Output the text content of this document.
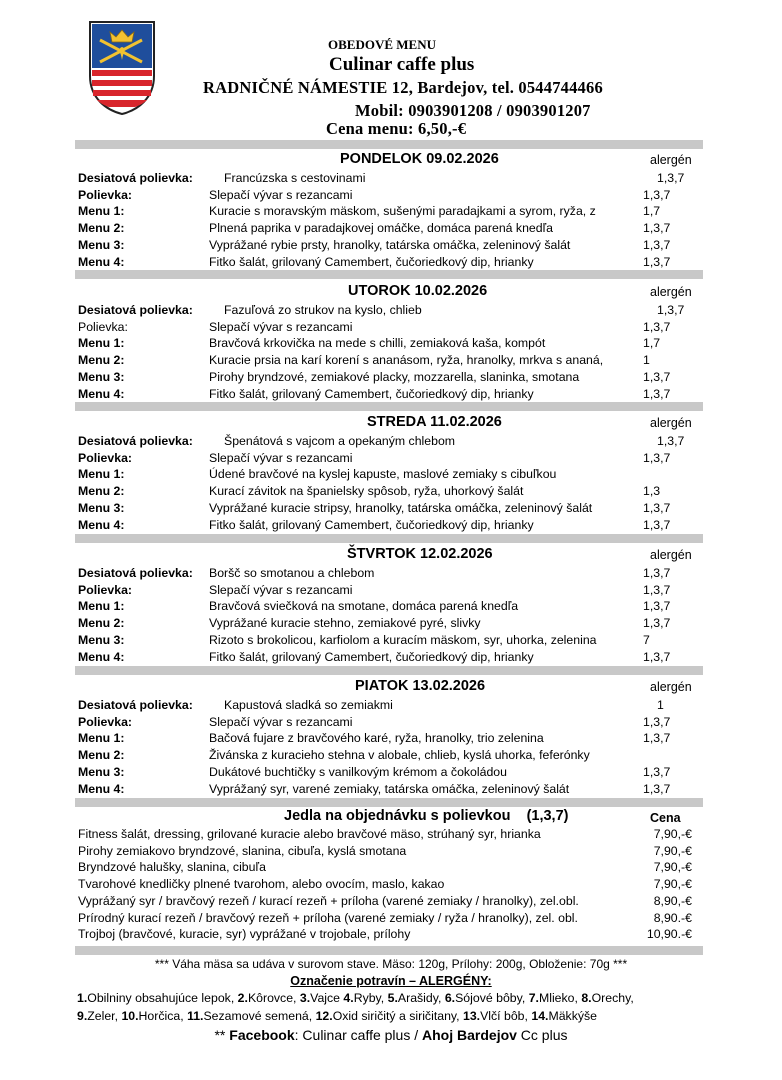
OBEDOVÉ MENU
Culinar caffe plus
RADNIČNÉ NÁMESTIE 12, Bardejov, tel. 0544744466
Mobil: 0903901208 / 0903901207
Cena menu: 6,50,-€
PONDELOK 09.02.2026	alergén
Desiatová polievka:	Francúzska s cestovinami	1,3,7
Polievka:	Slepačí vývar s rezancami	1,3,7
Menu 1:	Kuracie s moravským mäskom, sušenými paradajkami a syrom, ryža, z	1,7
Menu 2:	Plnená paprika v paradajkovej omáčke, domáca parená knedľa	1,3,7
Menu 3:	Vyprážané rybie prsty, hranolky, tatárska omáčka, zeleninový šalát	1,3,7
Menu 4:	Fitko šalát, grilovaný Camembert, čučoriedkový dip, hrianky	1,3,7
UTOROK 10.02.2026	alergén
Desiatová polievka:	Fazuľová zo strukov na kyslo, chlieb	1,3,7
Polievka:	Slepačí vývar s rezancami	1,3,7
Menu 1:	Bravčová krkovička na mede s chilli, zemiaková kaša, kompót	1,7
Menu 2:	Kuracie prsia na karí korení s ananásom, ryža, hranolky, mrkva s ananá,	1
Menu 3:	Pirohy bryndzové, zemiakové placky, mozzarella, slaninka, smotana	1,3,7
Menu 4:	Fitko šalát, grilovaný Camembert, čučoriedkový dip, hrianky	1,3,7
STREDA 11.02.2026	alergén
Desiatová polievka:	Špenátová s vajcom a opekaným chlebom	1,3,7
Polievka:	Slepačí vývar s rezancami	1,3,7
Menu 1:	Údené bravčové na kyslej kapuste, maslové zemiaky s cibuľkou
Menu 2:	Kurací závitok na španielsky spôsob, ryža, uhorkový šalát	1,3
Menu 3:	Vyprážané kuracie stripsy, hranolky, tatárska omáčka, zeleninový šalát	1,3,7
Menu 4:	Fitko šalát, grilovaný Camembert, čučoriedkový dip, hrianky	1,3,7
ŠTVRTOK 12.02.2026	alergén
Desiatová polievka: Boršč so smotanou a chlebom	1,3,7
Polievka:	Slepačí vývar s rezancami	1,3,7
Menu 1:	Bravčová sviečková na smotane, domáca parená knedľa	1,3,7
Menu 2:	Vyprážané kuracie stehno, zemiakové pyré, slivky	1,3,7
Menu 3:	Rizoto s brokolicou, karfiolom a kuracím mäskom, syr, uhorka, zelenina	7
Menu 4:	Fitko šalát, grilovaný Camembert, čučoriedkový dip, hrianky	1,3,7
PIATOK 13.02.2026	alergén
Desiatová polievka:	Kapustová sladká so zemiakmi	1
Polievka:	Slepačí vývar s rezancami	1,3,7
Menu 1:	Bačová fujare z bravčového karé, ryža, hranolky, trio zelenina	1,3,7
Menu 2:	Živánska z kuracieho stehna v alobale, chlieb, kyslá uhorka, feferónky
Menu 3:	Dukátové buchtičky s vanilkovým krémom a čokoládou	1,3,7
Menu 4:	Vyprážaný syr, varené zemiaky, tatárska omáčka, zeleninový šalát	1,3,7
Jedla na objednávku s polievkou (1,3,7)	Cena
Fitness šalát, dressing, grilované kuracie alebo bravčové mäso, strúhaný syr, hrianka	7,90,-€
Pirohy zemiakovo bryndzové, slanina, cibuľa, kyslá smotana	7,90,-€
Bryndzové halušky, slanina, cibuľa	7,90,-€
Tvarohové knedličky plnené tvarohom, alebo ovocím, maslo, kakao	7,90,-€
Vyprážaný syr / bravčový rezeň / kurací rezeň + príloha (varené zemiaky / hranolky), zel.obl.	8,90,-€
Prírodný kurací rezeň / bravčový rezeň + príloha (varené zemiaky / ryža / hranolky), zel. obl.	8,90.-€
Trojboj (bravčové, kuracie, syr) vyprážané v trojobale, prílohy	10,90.-€
*** Váha mäsa sa udáva v surovom stave. Mäso: 120g, Prílohy: 200g, Obloženie: 70g ***
Označenie potravín – ALERGÉNY:
1.Obilniny obsahujúce lepok, 2.Kôrovce, 3.Vajce 4.Ryby, 5.Arašidy, 6.Sójové bôby, 7.Mlieko, 8.Orechy,
9.Zeler, 10.Horčica, 11.Sezamové semená, 12.Oxid siričitý a siričitany, 13.Vlčí bôb, 14.Mäkkýše
** Facebook: Culinar caffe plus / Ahoj Bardejov Cc plus
